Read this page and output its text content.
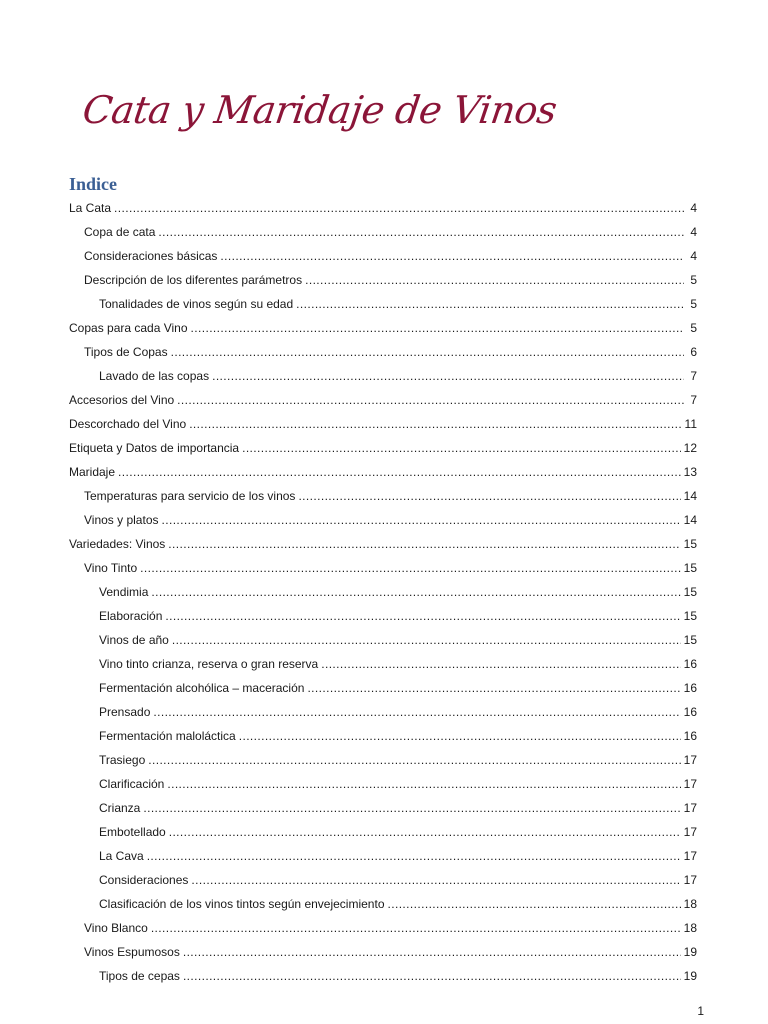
Cata y Maridaje de Vinos
Indice
La Cata .....	4
Copa de cata .....	4
Consideraciones básicas .....	4
Descripción de los diferentes parámetros .....	5
Tonalidades de vinos según su edad .....	5
Copas para cada Vino .....	5
Tipos de Copas .....	6
Lavado de las copas .....	7
Accesorios del Vino .....	7
Descorchado del Vino .....	11
Etiqueta y Datos de importancia .....	12
Maridaje .....	13
Temperaturas para servicio de los vinos .....	14
Vinos y platos .....	14
Variedades: Vinos .....	15
Vino Tinto .....	15
Vendimia .....	15
Elaboración .....	15
Vinos de año .....	15
Vino tinto crianza, reserva o gran reserva .....	16
Fermentación alcohólica – maceración .....	16
Prensado .....	16
Fermentación maloláctica .....	16
Trasiego .....	17
Clarificación .....	17
Crianza .....	17
Embotellado .....	17
La Cava .....	17
Consideraciones .....	17
Clasificación de los vinos tintos según envejecimiento .....	18
Vino Blanco .....	18
Vinos Espumosos .....	19
Tipos de cepas .....	19
1
